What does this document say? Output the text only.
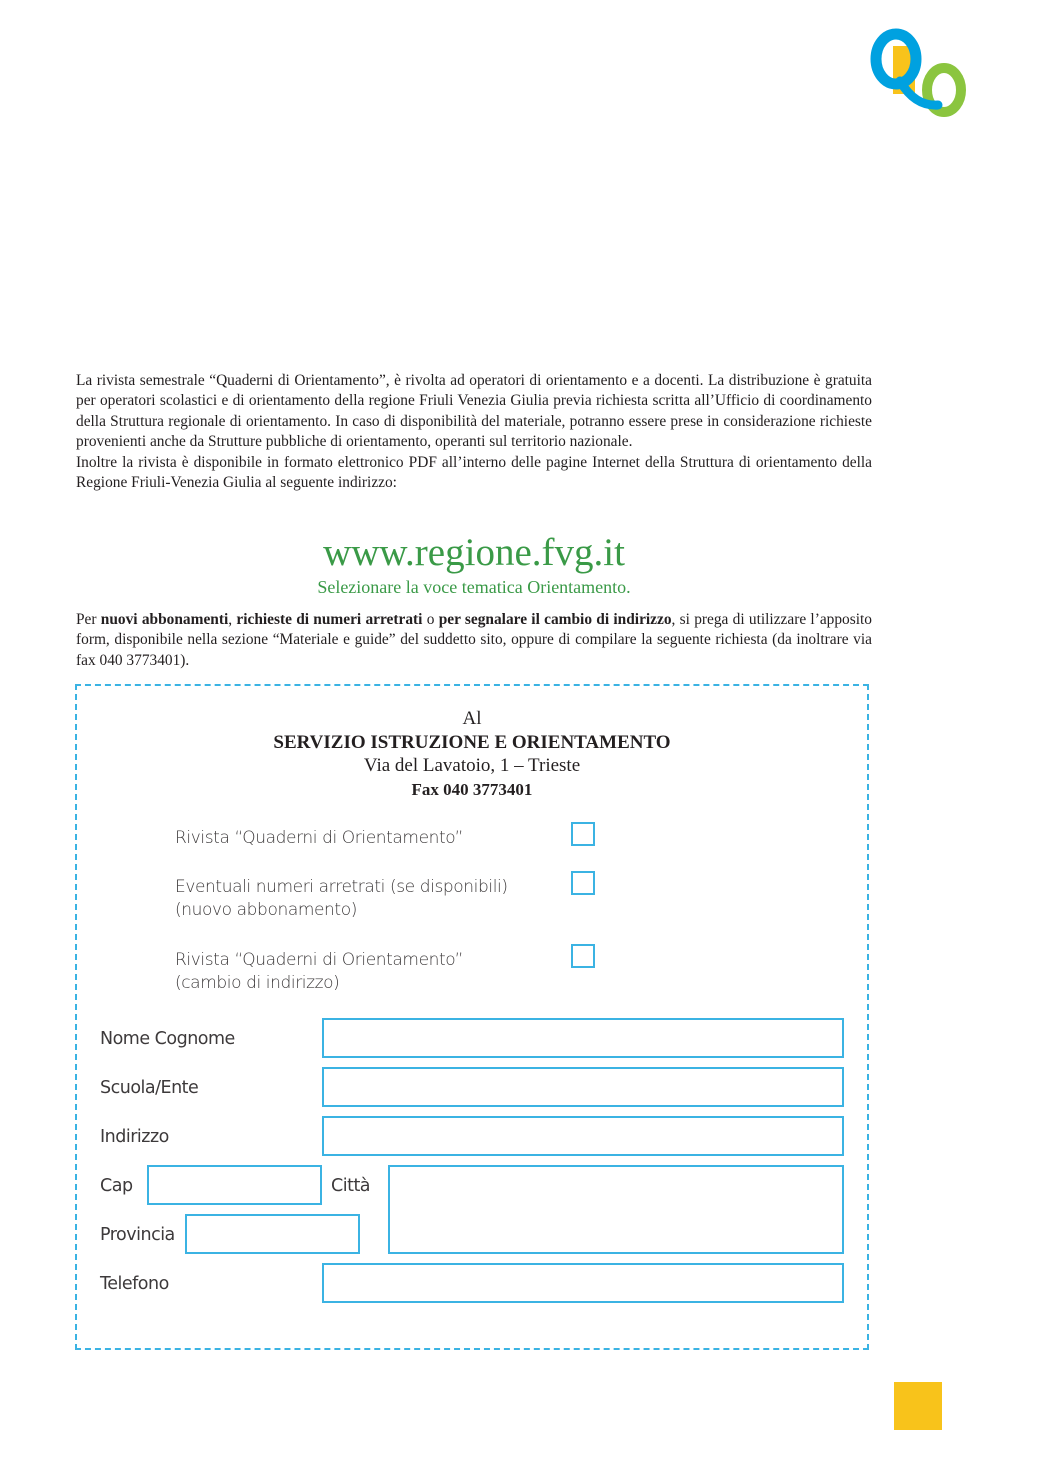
La rivista semestrale “Quaderni di Orientamento”, è rivolta ad operatori di orientamento e a docenti. La distribuzione è gratuita per operatori scolastici e di orientamento della regione Friuli Venezia Giulia previa richiesta scritta all’Ufficio di coordinamento della Struttura regionale di orientamento. In caso di disponibilità del materiale, potranno essere prese in considerazione richieste provenienti anche da Strutture pubbliche di orientamento, operanti sul territorio nazionale.

Inoltre la rivista è disponibile in formato elettronico PDF all’interno delle pagine Internet della Struttura di orientamento della Regione Friuli-Venezia Giulia al seguente indirizzo:

www.regione.fvg.it
Selezionare la voce tematica Orientamento.

Per nuovi abbonamenti, richieste di numeri arretrati o per segnalare il cambio di indirizzo, si prega di utilizzare l’apposito form, disponibile nella sezione “Materiale e guide” del suddetto sito, oppure di compilare la seguente richiesta (da inoltrare via fax 040 3773401).

Al
SERVIZIO ISTRUZIONE E ORIENTAMENTO
Via del Lavatoio, 1 – Trieste
Fax 040 3773401
Rivista “Quaderni di Orientamento”
Eventuali numeri arretrati (se disponibili)
(nuovo abbonamento)
Rivista “Quaderni di Orientamento”
(cambio di indirizzo)
Nome Cognome
Scuola/Ente
Indirizzo
Cap	Città
Provincia
Telefono
